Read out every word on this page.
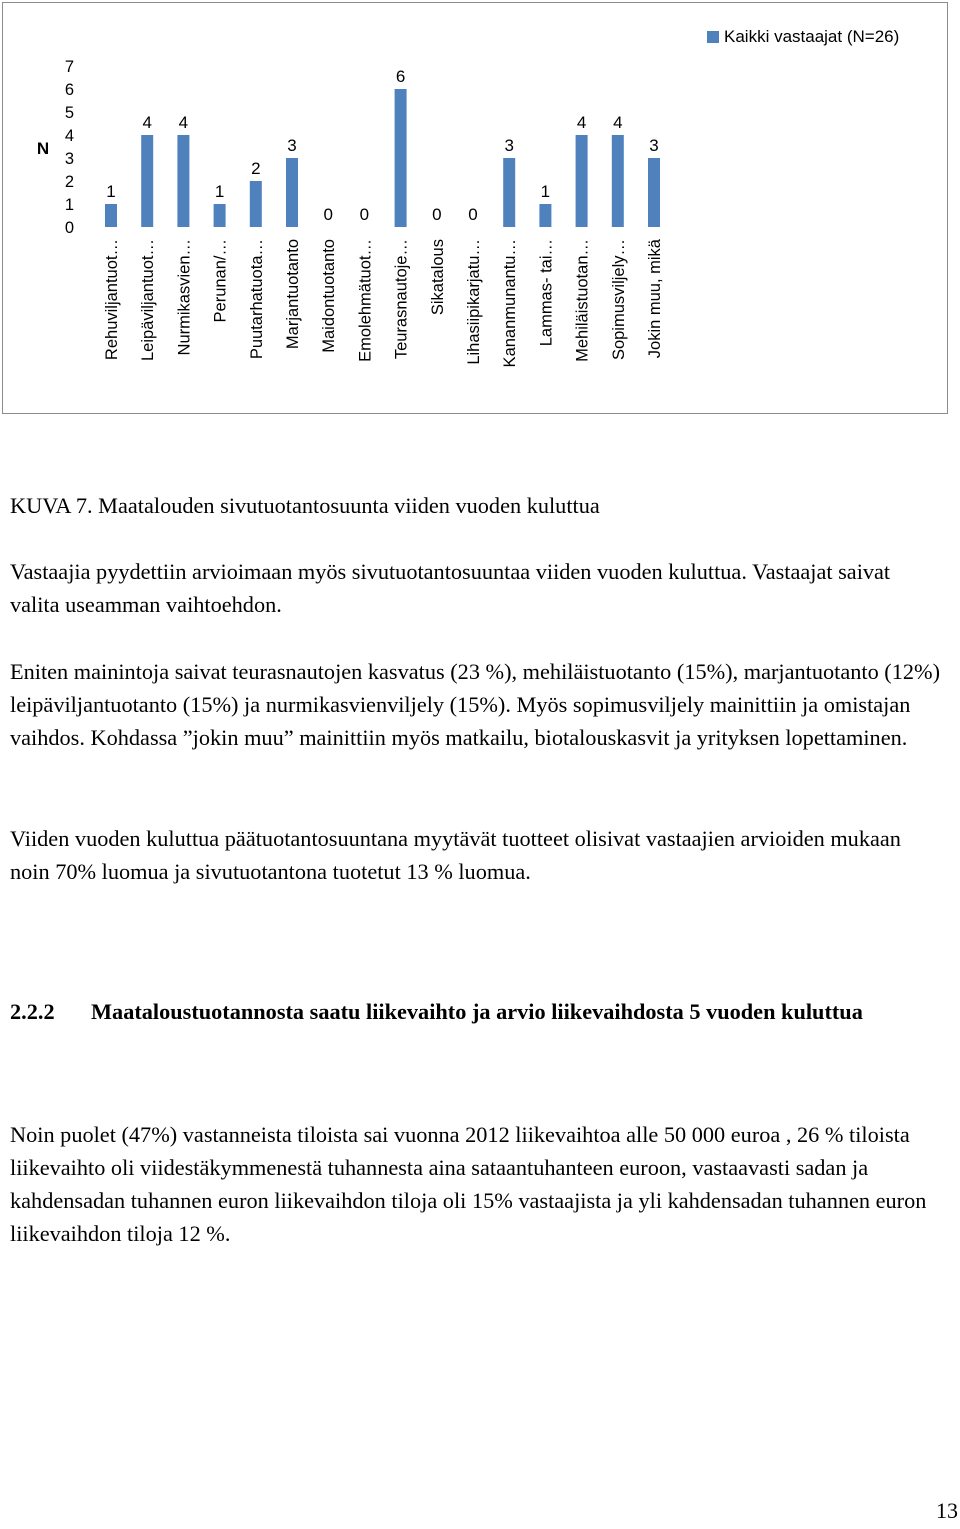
N
0
1
2
3
4
5
6
7
1
4 4
1
2
3
0 0
6
0 0
3
1
4 4
3
Rehuviljantuot… Leipäviljantuot… Nurmikasvien… Perunan/… Puutarhatuota… Marjantuotanto Maidontuotanto Emolehmätuot… Teurasnautoje… Sikatalous Lihasiipikarjatu… Kananmunantu… Lammas- tai… Mehiläistuotan… Sopimusviljely… Jokin muu, mikä
Kaikki vastaajat (N=26)

KUVA 7. Maatalouden sivutuotantosuunta viiden vuoden kuluttua

Vastaajia pyydettiin arvioimaan myös sivutuotantosuuntaa viiden vuoden kuluttua. Vastaajat saivat valita useamman vaihtoehdon.

Eniten mainintoja saivat teurasnautojen kasvatus (23 %), mehiläistuotanto (15%), marjantuotanto (12%) leipäviljantuotanto (15%) ja nurmikasvienviljely (15%). Myös sopimusviljely mainittiin ja omistajan vaihdos. Kohdassa ”jokin muu” mainittiin myös matkailu, biotalouskasvit ja yrityksen lopettaminen.

Viiden vuoden kuluttua päätuotantosuuntana myytävät tuotteet olisivat vastaajien arvioiden mukaan noin 70% luomua ja sivutuotantona tuotetut 13 % luomua.

2.2.2 Maataloustuotannosta saatu liikevaihto ja arvio liikevaihdosta 5 vuoden kuluttua

Noin puolet (47%) vastanneista tiloista sai vuonna 2012 liikevaihtoa alle 50 000 euroa , 26 % tiloista liikevaihto oli viidestäkymmenestä tuhannesta aina sataantuhanteen euroon, vastaavasti sadan ja kahdensadan tuhannen euron liikevaihdon tiloja oli 15% vastaajista ja yli kahdensadan tuhannen euron liikevaihdon tiloja 12 %.

13
